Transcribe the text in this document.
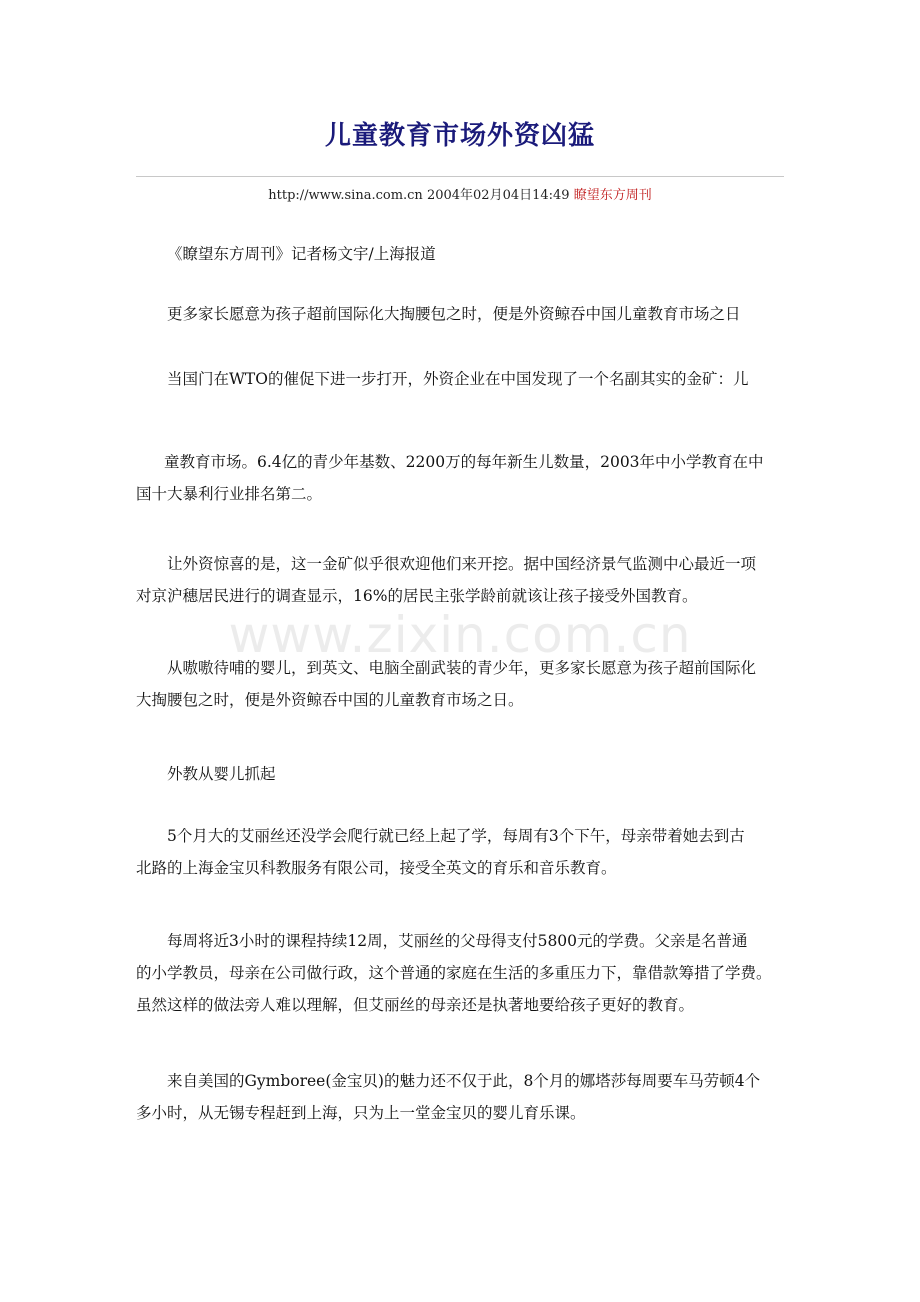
儿童教育市场外资凶猛
http://www.sina.com.cn 2004年02月04日14:49 瞭望东方周刊

《瞭望东方周刊》记者杨文宇/上海报道

更多家长愿意为孩子超前国际化大掏腰包之时，便是外资鲸吞中国儿童教育市场之日

当国门在WTO的催促下进一步打开，外资企业在中国发现了一个名副其实的金矿：儿

童教育市场。6.4亿的青少年基数、2200万的每年新生儿数量，2003年中小学教育在中
国十大暴利行业排名第二。

让外资惊喜的是，这一金矿似乎很欢迎他们来开挖。据中国经济景气监测中心最近一项
对京沪穗居民进行的调查显示，16%的居民主张学龄前就该让孩子接受外国教育。

从嗷嗷待哺的婴儿，到英文、电脑全副武装的青少年，更多家长愿意为孩子超前国际化
大掏腰包之时，便是外资鲸吞中国的儿童教育市场之日。

外教从婴儿抓起

5个月大的艾丽丝还没学会爬行就已经上起了学，每周有3个下午，母亲带着她去到古
北路的上海金宝贝科教服务有限公司，接受全英文的育乐和音乐教育。

每周将近3小时的课程持续12周，艾丽丝的父母得支付5800元的学费。父亲是名普通
的小学教员，母亲在公司做行政，这个普通的家庭在生活的多重压力下，靠借款筹措了学费。
虽然这样的做法旁人难以理解，但艾丽丝的母亲还是执著地要给孩子更好的教育。

来自美国的Gymboree(金宝贝)的魅力还不仅于此，8个月的娜塔莎每周要车马劳顿4个
多小时，从无锡专程赶到上海，只为上一堂金宝贝的婴儿育乐课。

www.zixin.com.cn
